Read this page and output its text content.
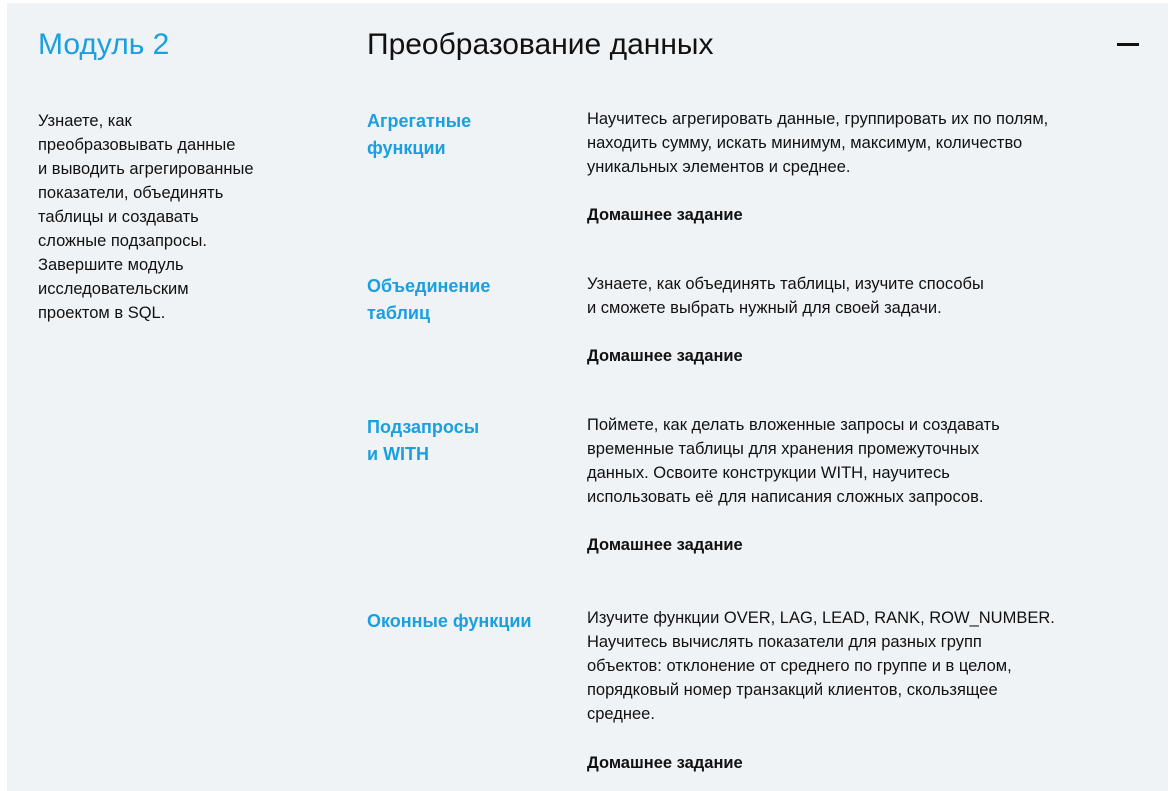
Модуль 2	Преобразование данных

Узнаете, как
преобразовывать данные
и выводить агрегированные
показатели, объединять
таблицы и создавать
сложные подзапросы.
Завершите модуль
исследовательским
проектом в SQL.

Агрегатные
функции

Научитесь агрегировать данные, группировать их по полям,
находить сумму, искать минимум, максимум, количество
уникальных элементов и среднее.

Домашнее задание

Объединение
таблиц

Узнаете, как объединять таблицы, изучите способы
и сможете выбрать нужный для своей задачи.

Домашнее задание

Подзапросы
и WITH

Поймете, как делать вложенные запросы и создавать
временные таблицы для хранения промежуточных
данных. Освоите конструкции WITH, научитесь
использовать её для написания сложных запросов.

Домашнее задание

Оконные функции	Изучите функции OVER, LAG, LEAD, RANK, ROW_NUMBER.
Научитесь вычислять показатели для разных групп
объектов: отклонение от среднего по группе и в целом,
порядковый номер транзакций клиентов, скользящее
среднее.

Домашнее задание
